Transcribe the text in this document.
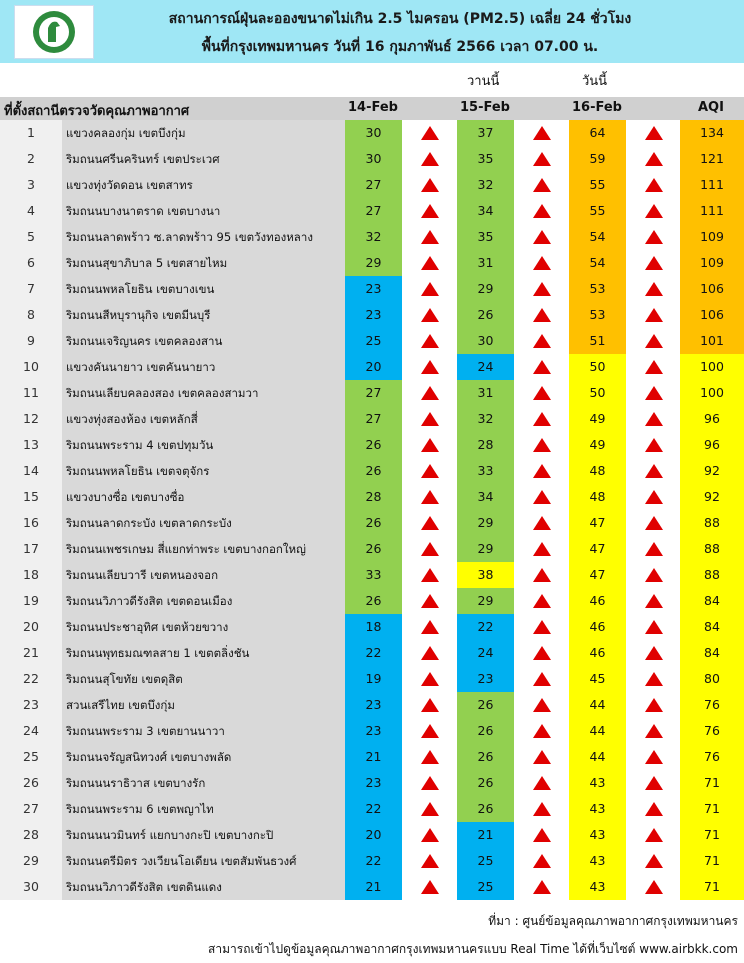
สถานการณ์ฝุ่นละอองขนาดไม่เกิน 2.5 ไมครอน (PM2.5) เฉลี่ย 24 ชั่วโมง
พื้นที่กรุงเทพมหานคร วันที่ 16 กุมภาพันธ์ 2566 เวลา 07.00 น.
วานนี้	วันนี้
ที่ตั้งสถานีตรวจวัดคุณภาพอากาศ	14-Feb	15-Feb	16-Feb	AQI
1	แขวงคลองกุ่ม เขตบึงกุ่ม	30	37	64	134
2	ริมถนนศรีนครินทร์ เขตประเวศ	30	35	59	121
3	แขวงทุ่งวัดดอน เขตสาทร	27	32	55	111
4	ริมถนนบางนาตราด เขตบางนา	27	34	55	111
5	ริมถนนลาดพร้าว ซ.ลาดพร้าว 95 เขตวังทองหลาง	32	35	54	109
6	ริมถนนสุขาภิบาล 5 เขตสายไหม	29	31	54	109
7	ริมถนนพหลโยธิน เขตบางเขน	23	29	53	106
8	ริมถนนสีหบุรานุกิจ เขตมีนบุรี	23	26	53	106
9	ริมถนนเจริญนคร เขตคลองสาน	25	30	51	101
10	แขวงคันนายาว เขตคันนายาว	20	24	50	100
11	ริมถนนเลียบคลองสอง เขตคลองสามวา	27	31	50	100
12	แขวงทุ่งสองห้อง เขตหลักสี่	27	32	49	96
13	ริมถนนพระราม 4 เขตปทุมวัน	26	28	49	96
14	ริมถนนพหลโยธิน เขตจตุจักร	26	33	48	92
15	แขวงบางซื่อ เขตบางซื่อ	28	34	48	92
16	ริมถนนลาดกระบัง เขตลาดกระบัง	26	29	47	88
17	ริมถนนเพชรเกษม สี่แยกท่าพระ เขตบางกอกใหญ่	26	29	47	88
18	ริมถนนเลียบวารี เขตหนองจอก	33	38	47	88
19	ริมถนนวิภาวดีรังสิต เขตดอนเมือง	26	29	46	84
20	ริมถนนประชาอุทิศ เขตห้วยขวาง	18	22	46	84
21	ริมถนนพุทธมณฑลสาย 1 เขตตลิ่งชัน	22	24	46	84
22	ริมถนนสุโขทัย เขตดุสิต	19	23	45	80
23	สวนเสรีไทย เขตบึงกุ่ม	23	26	44	76
24	ริมถนนพระราม 3 เขตยานนาวา	23	26	44	76
25	ริมถนนจรัญสนิทวงศ์ เขตบางพลัด	21	26	44	76
26	ริมถนนนราธิวาส เขตบางรัก	23	26	43	71
27	ริมถนนพระราม 6 เขตพญาไท	22	26	43	71
28	ริมถนนนวมินทร์ แยกบางกะปิ เขตบางกะปิ	20	21	43	71
29	ริมถนนตรีมิตร วงเวียนโอเดียน เขตสัมพันธวงศ์	22	25	43	71
30	ริมถนนวิภาวดีรังสิต เขตดินแดง	21	25	43	71
ที่มา : ศูนย์ข้อมูลคุณภาพอากาศกรุงเทพมหานคร
สามารถเข้าไปดูข้อมูลคุณภาพอากาศกรุงเทพมหานครแบบ Real Time ได้ที่เว็บไซต์ www.airbkk.com
